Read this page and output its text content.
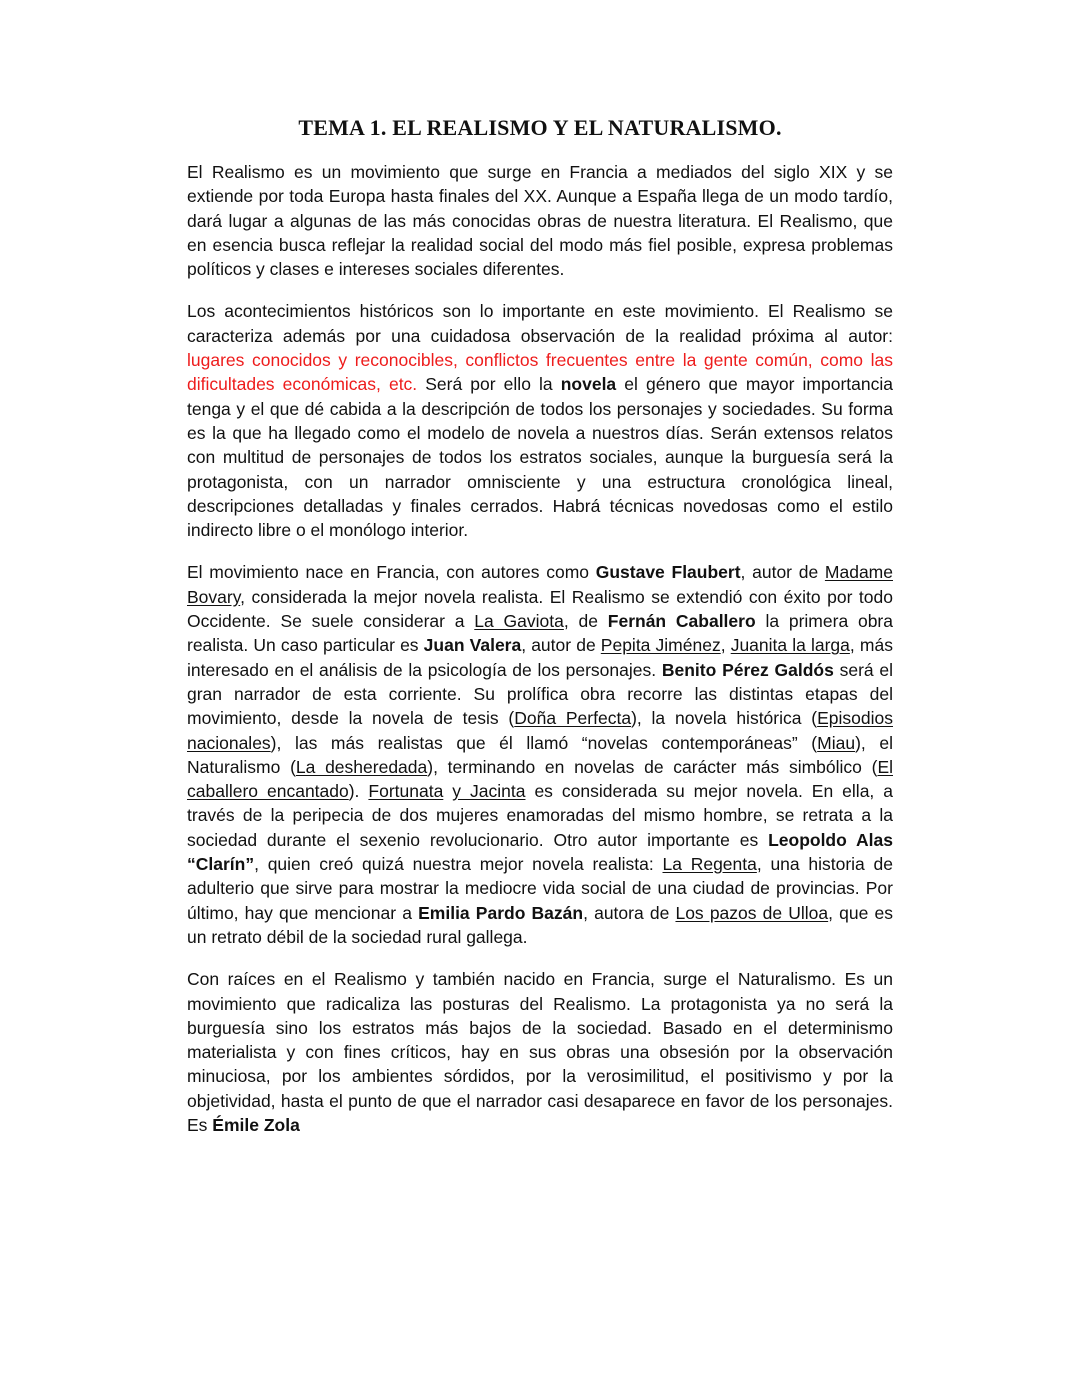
TEMA 1. EL REALISMO Y EL NATURALISMO.

El Realismo es un movimiento que surge en Francia a mediados del siglo XIX y se extiende por toda Europa hasta finales del XX. Aunque a España llega de un modo tardío, dará lugar a algunas de las más conocidas obras de nuestra literatura. El Realismo, que en esencia busca reflejar la realidad social del modo más fiel posible, expresa problemas políticos y clases e intereses sociales diferentes.

Los acontecimientos históricos son lo importante en este movimiento. El Realismo se caracteriza además por una cuidadosa observación de la realidad próxima al autor: lugares conocidos y reconocibles, conflictos frecuentes entre la gente común, como las dificultades económicas, etc. Será por ello la novela el género que mayor importancia tenga y el que dé cabida a la descripción de todos los personajes y sociedades. Su forma es la que ha llegado como el modelo de novela a nuestros días. Serán extensos relatos con multitud de personajes de todos los estratos sociales, aunque la burguesía será la protagonista, con un narrador omnisciente y una estructura cronológica lineal, descripciones detalladas y finales cerrados. Habrá técnicas novedosas como el estilo indirecto libre o el monólogo interior.

El movimiento nace en Francia, con autores como Gustave Flaubert, autor de Madame Bovary, considerada la mejor novela realista. El Realismo se extendió con éxito por todo Occidente. Se suele considerar a La Gaviota, de Fernán Caballero la primera obra realista. Un caso particular es Juan Valera, autor de Pepita Jiménez, Juanita la larga, más interesado en el análisis de la psicología de los personajes. Benito Pérez Galdós será el gran narrador de esta corriente. Su prolífica obra recorre las distintas etapas del movimiento, desde la novela de tesis (Doña Perfecta), la novela histórica (Episodios nacionales), las más realistas que él llamó “novelas contemporáneas” (Miau), el Naturalismo (La desheredada), terminando en novelas de carácter más simbólico (El caballero encantado). Fortunata y Jacinta es considerada su mejor novela. En ella, a través de la peripecia de dos mujeres enamoradas del mismo hombre, se retrata a la sociedad durante el sexenio revolucionario. Otro autor importante es Leopoldo Alas “Clarín”, quien creó quizá nuestra mejor novela realista: La Regenta, una historia de adulterio que sirve para mostrar la mediocre vida social de una ciudad de provincias. Por último, hay que mencionar a Emilia Pardo Bazán, autora de Los pazos de Ulloa, que es un retrato débil de la sociedad rural gallega.

Con raíces en el Realismo y también nacido en Francia, surge el Naturalismo. Es un movimiento que radicaliza las posturas del Realismo. La protagonista ya no será la burguesía sino los estratos más bajos de la sociedad. Basado en el determinismo materialista y con fines críticos, hay en sus obras una obsesión por la observación minuciosa, por los ambientes sórdidos, por la verosimilitud, el positivismo y por la objetividad, hasta el punto de que el narrador casi desaparece en favor de los personajes. Es Émile Zola
